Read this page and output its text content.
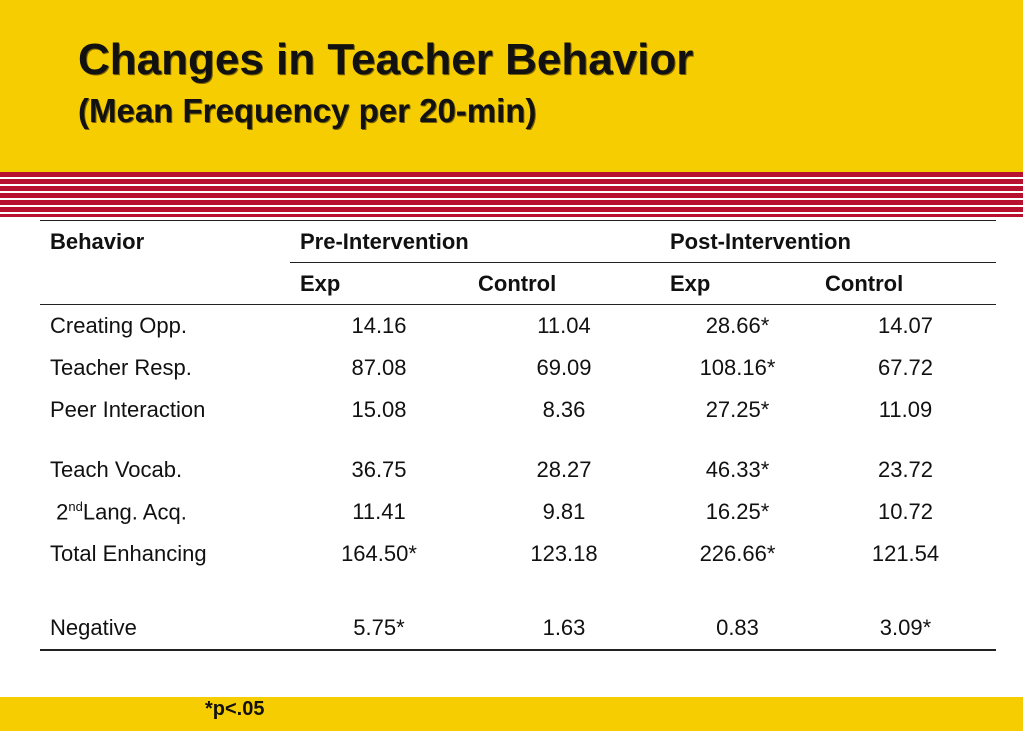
Changes in Teacher Behavior
(Mean Frequency per 20-min)
Behavior	Pre-Intervention		Post-Intervention	
	Exp	Control	Exp	Control
Creating Opp.	14.16	11.04	28.66*	14.07
Teacher Resp.	87.08	69.09	108.16*	67.72
Peer Interaction	15.08	8.36	27.25*	11.09

Teach Vocab.	36.75	28.27	46.33*	23.72
2ndLang. Acq.	11.41	9.81	16.25*	10.72
Total Enhancing	164.50*	123.18	226.66*	121.54

Negative	5.75*	1.63	0.83	3.09*
*p<.05
